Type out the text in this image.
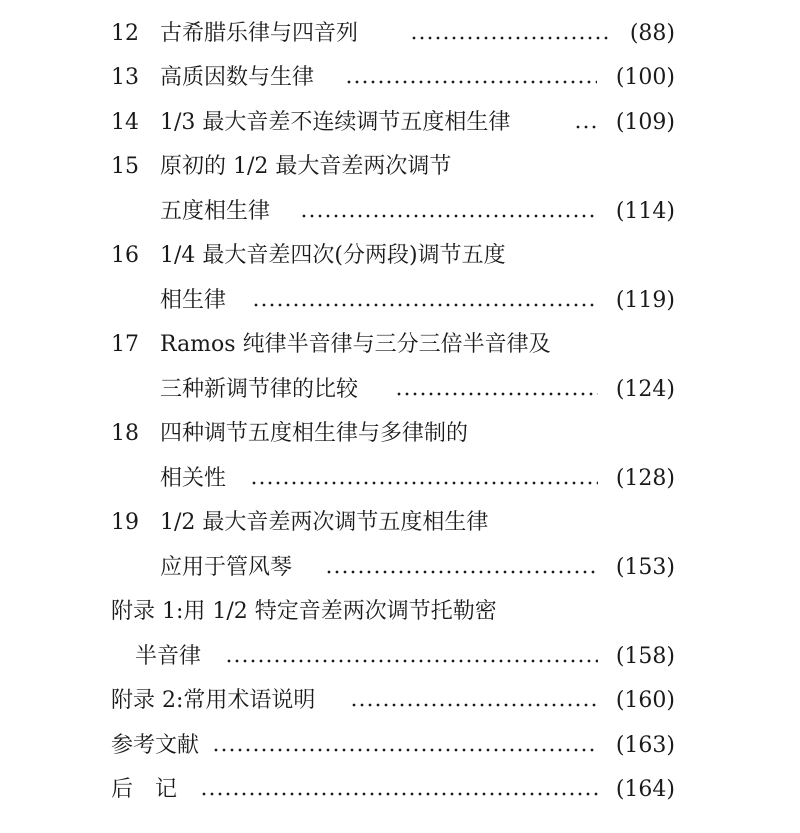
12 古希腊乐律与四音列	(88)
13 高质因数与生律	(100)
14 1/3 最大音差不连续调节五度相生律	(109)
15 原初的 1/2 最大音差两次调节
五度相生律	(114)
16 1/4 最大音差四次(分两段)调节五度
相生律	(119)
17 Ramos 纯律半音律与三分三倍半音律及
三种新调节律的比较	(124)
18 四种调节五度相生律与多律制的
相关性	(128)
19 1/2 最大音差两次调节五度相生律
应用于管风琴	(153)
附录 1:用 1/2 特定音差两次调节托勒密
半音律	(158)
附录 2:常用术语说明	(160)
参考文献	(163)
后　记	(164)
